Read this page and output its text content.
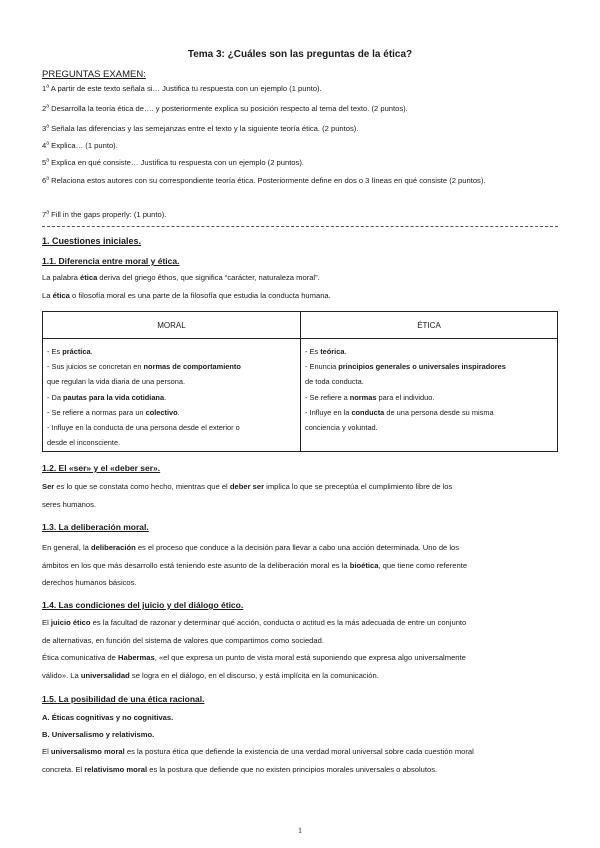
Tema 3: ¿Cuáles son las preguntas de la ética?

PREGUNTAS EXAMEN:

1$^a$ A partir de este texto señala si… Justifica tu respuesta con un ejemplo (1 punto).

2$^a$ Desarrolla la teoría ética de…. y posteriormente explica su posición respecto al tema del texto. (2 puntos).

3$^a$ Señala las diferencias y las semejanzas entre el texto y la siguiente teoría ética. (2 puntos).

4$^a$ Explica… (1 punto).

5$^a$ Explica en qué consiste… Justifica tu respuesta con un ejemplo (2 puntos).

6$^a$ Relaciona estos autores con su correspondiente teoría ética. Posteriormente define en dos o 3 líneas en qué consiste (2 puntos).

7$^a$ Fill in the gaps properly: (1 punto).

1. Cuestiones iniciales.
1.1. Diferencia entre moral y ética.

La palabra ética deriva del griego êthos, que significa “carácter, naturaleza moral”.

La ética o filosofía moral es una parte de la filosofía que estudia la conducta humana.

MORAL	ÉTICA
- Es práctica.
- Sus juicios se concretan en normas de comportamiento
que regulan la vida diaria de una persona.
- Da pautas para la vida cotidiana.
- Se refiere a normas para un colectivo.
- Influye en la conducta de una persona desde el exterior o
desde el inconsciente.
- Es teórica.
- Enuncia principios generales o universales inspiradores
de toda conducta.
- Se refiere a normas para el individuo.
- Influye en la conducta de una persona desde su misma
conciencia y voluntad.
1.2. El «ser» y el «deber ser».

Ser es lo que se constata como hecho, mientras que el deber ser implica lo que se preceptúa el cumplimiento libre de los
seres humanos.

1.3. La deliberación moral.

En general, la deliberación es el proceso que conduce a la decisión para llevar a cabo una acción determinada. Uno de los
ámbitos en los que más desarrollo está teniendo este asunto de la deliberación moral es la bioética, que tiene como referente
derechos humanos básicos.

1.4. Las condiciones del juicio y del diálogo ético.

El juicio ético es la facultad de razonar y determinar qué acción, conducta o actitud es la más adecuada de entre un conjunto
de alternativas, en función del sistema de valores que compartimos como sociedad.
Ética comunicativa de Habermas, «el que expresa un punto de vista moral está suponiendo que expresa algo universalmente
válido». La universalidad se logra en el diálogo, en el discurso, y está implícita en la comunicación.

1.5. La posibilidad de una ética racional.

A. Éticas cognitivas y no cognitivas.

B. Universalismo y relativismo.

El universalismo moral es la postura ética que defiende la existencia de una verdad moral universal sobre cada cuestión moral
concreta. El relativismo moral es la postura que defiende que no existen principios morales universales o absolutos.

1
